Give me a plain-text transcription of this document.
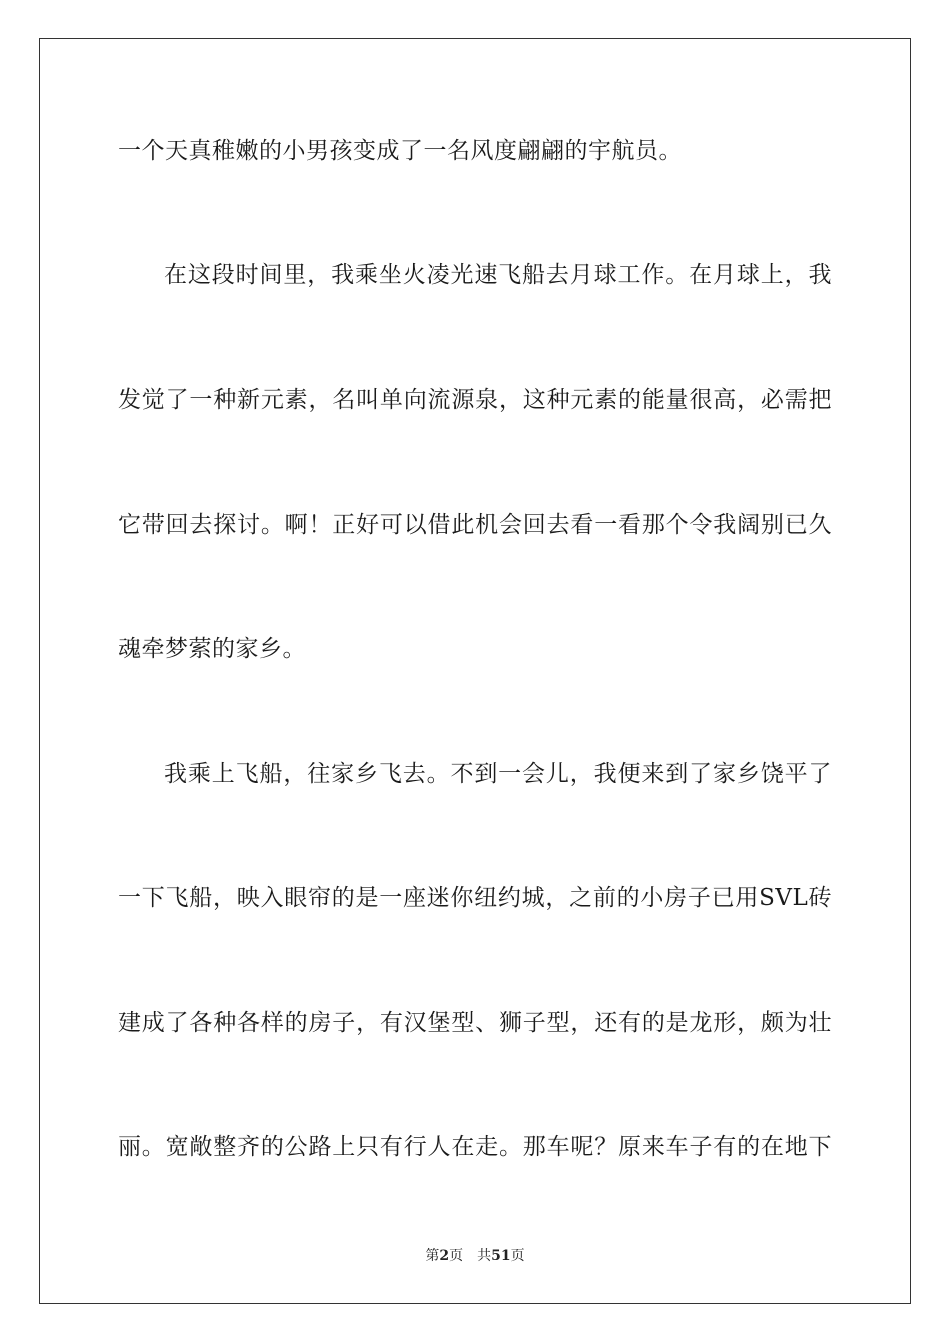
一个天真稚嫩的小男孩变成了一名风度翩翩的宇航员。
在这段时间里，我乘坐火凌光速飞船去月球工作。在月球上，我
发觉了一种新元素，名叫单向流源泉，这种元素的能量很高，必需把
它带回去探讨。啊！正好可以借此机会回去看一看那个令我阔别已久
魂牵梦萦的家乡。
我乘上飞船，往家乡飞去。不到一会儿，我便来到了家乡饶平了
一下飞船，映入眼帘的是一座迷你纽约城，之前的小房子已用SVL砖
建成了各种各样的房子，有汉堡型、狮子型，还有的是龙形，颇为壮
丽。宽敞整齐的公路上只有行人在走。那车呢？原来车子有的在地下
第2页 共51页
